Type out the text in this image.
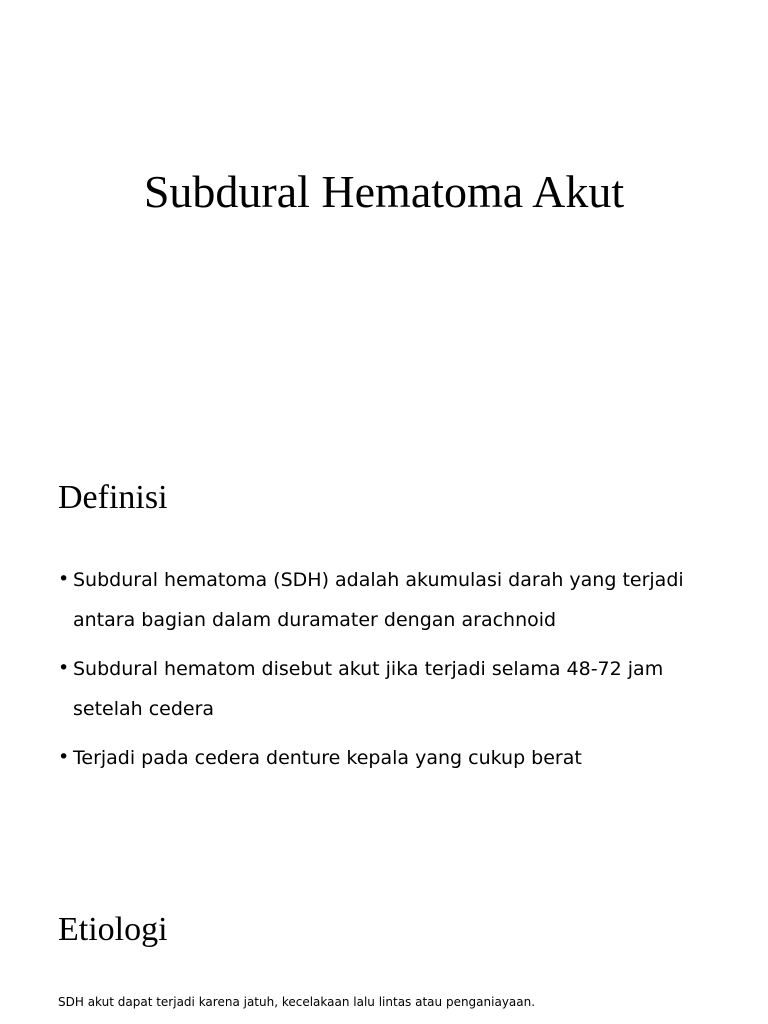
Subdural Hematoma Akut
Definisi
• Subdural hematoma (SDH) adalah akumulasi darah yang terjadi antara bagian dalam duramater dengan arachnoid
• Subdural hematom disebut akut jika terjadi selama 48-72 jam setelah cedera
• Terjadi pada cedera denture kepala yang cukup berat
Etiologi

SDH akut dapat terjadi karena jatuh, kecelakaan lalu lintas atau penganiayaan.
